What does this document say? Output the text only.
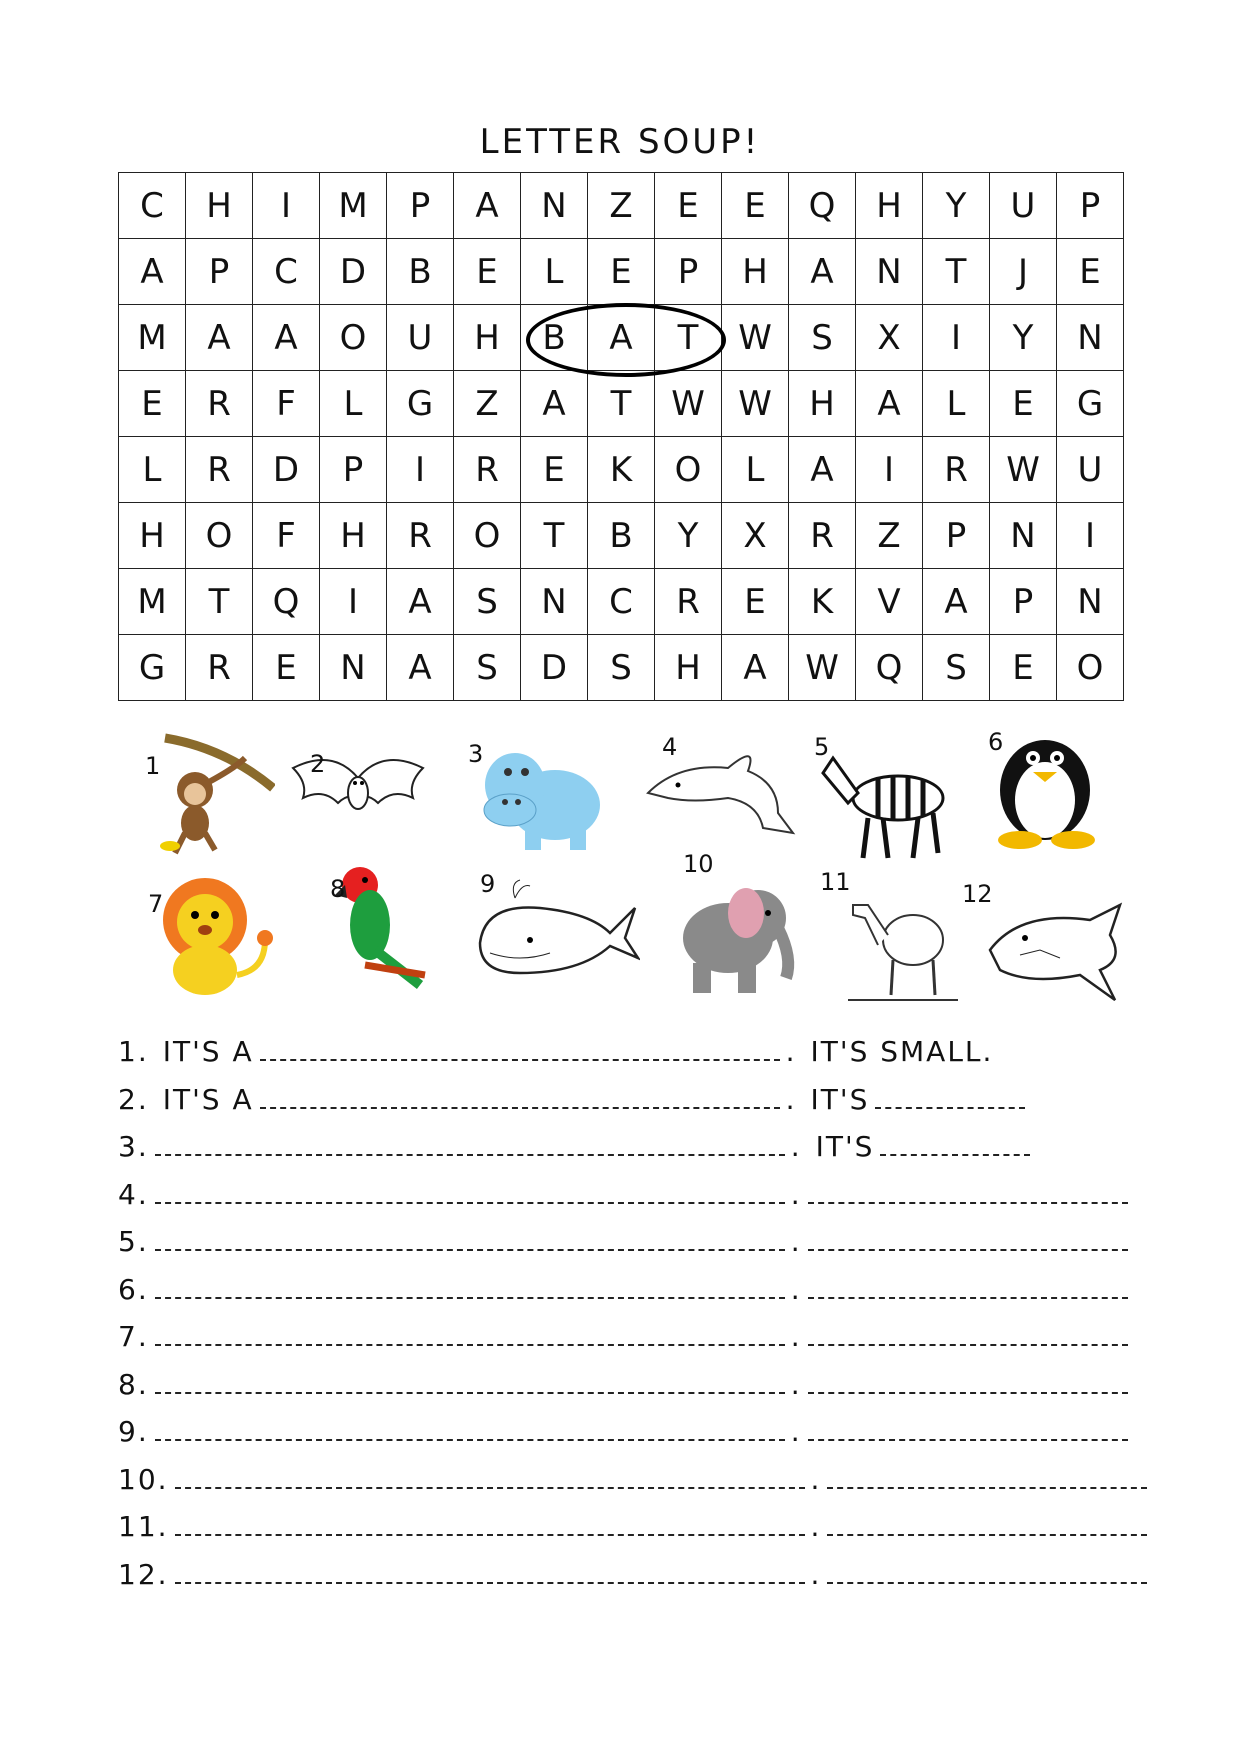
LETTER SOUP!
C	H	I	M	P	A	N	Z	E	E	Q	H	Y	U	P
A	P	C	D	B	E	L	E	P	H	A	N	T	J	E
M	A	A	O	U	H	B	A	T	W	S	X	I	Y	N
E	R	F	L	G	Z	A	T	W	W	H	A	L	E	G
L	R	D	P	I	R	E	K	O	L	A	I	R	W	U
H	O	F	H	R	O	T	B	Y	X	R	Z	P	N	I
M	T	Q	I	A	S	N	C	R	E	K	V	A	P	N
G	R	E	N	A	S	D	S	H	A	W	Q	S	E	O
1	2	3	4	5	6
7
8	9
10
11	12
1. IT'S A	. IT'S SMALL.
2. IT'S A	. IT'S
3.	. IT'S
4.	.
5.	.
6.	.
7.	.
8.	.
9.	.
10.	.
11.	.
12.	.
